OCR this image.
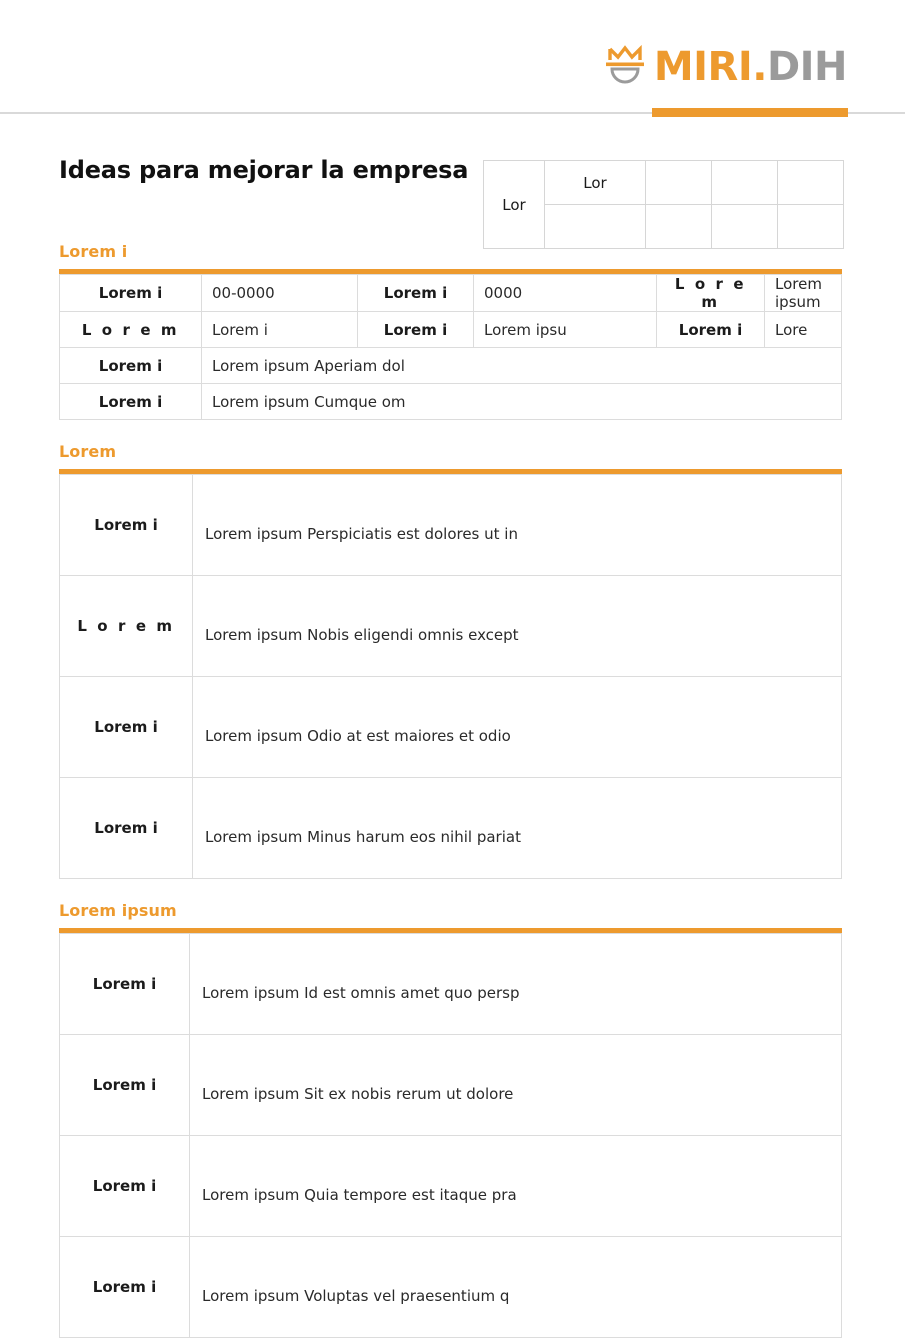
MIRI.DIH
Ideas para mejorar la empresa
Lor	Lor			

Lorem i
Lorem i	00-0000	Lorem i	0000	L o r e m	Lorem ipsum
L o r e m	Lorem i	Lorem i	Lorem ipsu	Lorem i	Lore
Lorem i	Lorem ipsum Aperiam dol				
Lorem i	Lorem ipsum Cumque om				
Lorem
Lorem i	Lorem ipsum Perspiciatis est dolores ut in
L o r e m	Lorem ipsum Nobis eligendi omnis except
Lorem i	Lorem ipsum Odio at est maiores et odio
Lorem i	Lorem ipsum Minus harum eos nihil pariat
Lorem ipsum
Lorem i	Lorem ipsum Id est omnis amet quo persp
Lorem i	Lorem ipsum Sit ex nobis rerum ut dolore
Lorem i	Lorem ipsum Quia tempore est itaque pra
Lorem i	Lorem ipsum Voluptas vel praesentium q
